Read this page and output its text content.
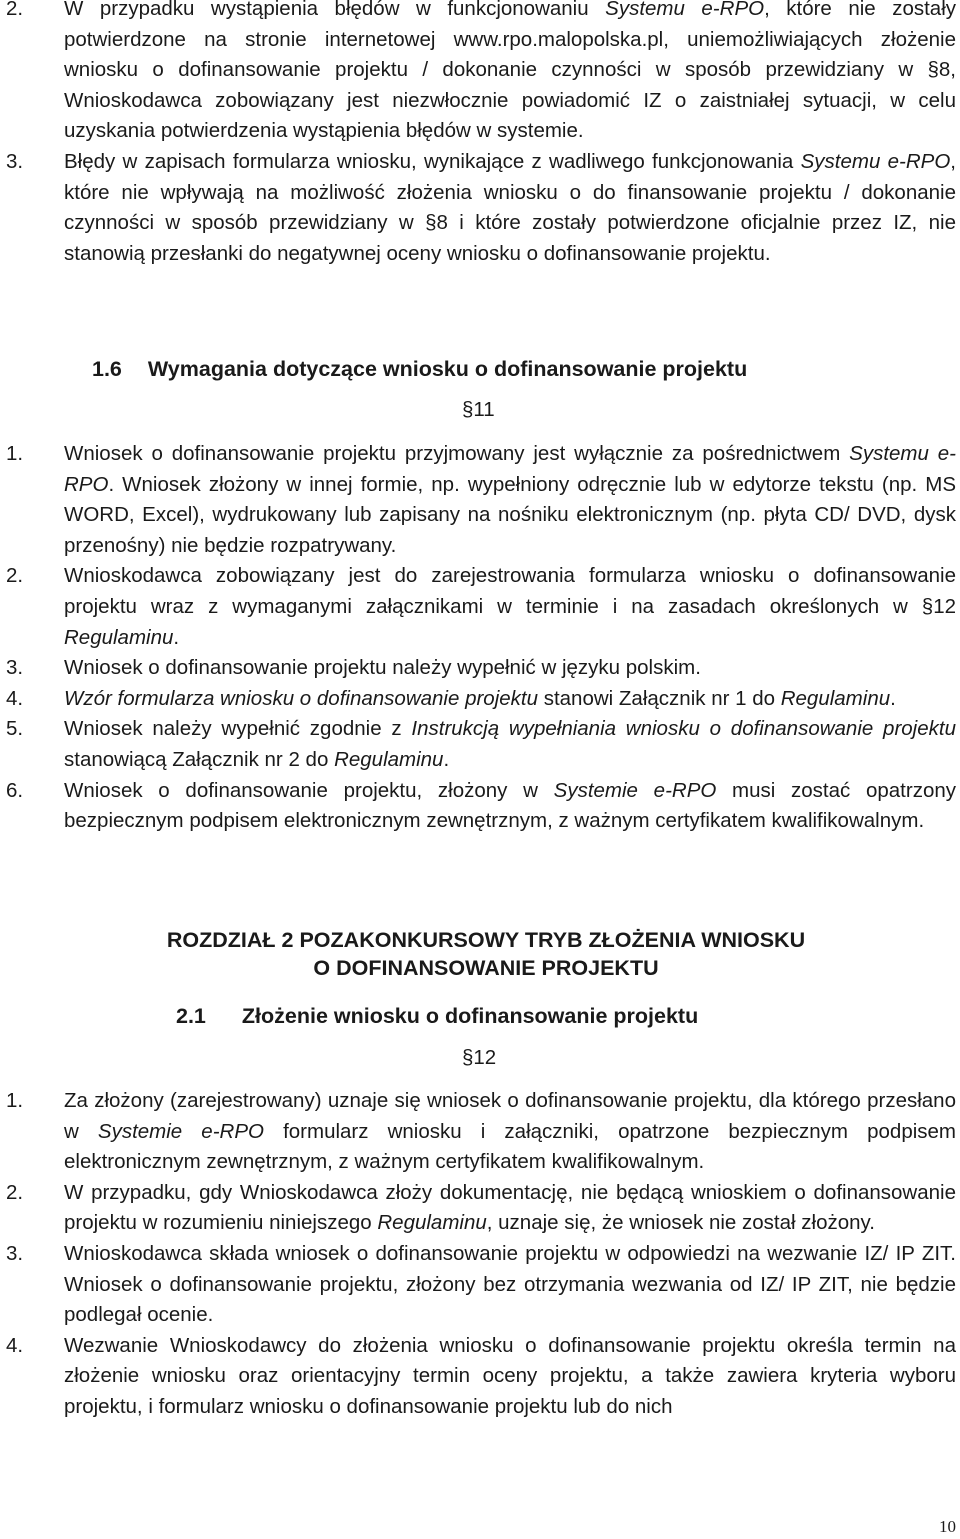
2. W przypadku wystąpienia błędów w funkcjonowaniu Systemu e-RPO, które nie zostały potwierdzone na stronie internetowej www.rpo.malopolska.pl, uniemożliwiających złożenie wniosku o dofinansowanie projektu / dokonanie czynności w sposób przewidziany w §8, Wnioskodawca zobowiązany jest niezwłocznie powiadomić IZ o zaistniałej sytuacji, w celu uzyskania potwierdzenia wystąpienia błędów w systemie.
3. Błędy w zapisach formularza wniosku, wynikające z wadliwego funkcjonowania Systemu e-RPO, które nie wpływają na możliwość złożenia wniosku o do finansowanie projektu / dokonanie czynności w sposób przewidziany w §8 i które zostały potwierdzone oficjalnie przez IZ, nie stanowią przesłanki do negatywnej oceny wniosku o dofinansowanie projektu.
1.6 Wymagania dotyczące wniosku o dofinansowanie projektu
§11
1. Wniosek o dofinansowanie projektu przyjmowany jest wyłącznie za pośrednictwem Systemu e-RPO. Wniosek złożony w innej formie, np. wypełniony odręcznie lub w edytorze tekstu (np. MS WORD, Excel), wydrukowany lub zapisany na nośniku elektronicznym (np. płyta CD/ DVD, dysk przenośny) nie będzie rozpatrywany.
2. Wnioskodawca zobowiązany jest do zarejestrowania formularza wniosku o dofinansowanie projektu wraz z wymaganymi załącznikami w terminie i na zasadach określonych w §12 Regulaminu.
3. Wniosek o dofinansowanie projektu należy wypełnić w języku polskim.
4. Wzór formularza wniosku o dofinansowanie projektu stanowi Załącznik nr 1 do Regulaminu.
5. Wniosek należy wypełnić zgodnie z Instrukcją wypełniania wniosku o dofinansowanie projektu stanowiącą Załącznik nr 2 do Regulaminu.
6. Wniosek o dofinansowanie projektu, złożony w Systemie e-RPO musi zostać opatrzony bezpiecznym podpisem elektronicznym zewnętrznym, z ważnym certyfikatem kwalifikowalnym.
ROZDZIAŁ 2 POZAKONKURSOWY TRYB ZŁOŻENIA WNIOSKU
O DOFINANSOWANIE PROJEKTU
2.1 Złożenie wniosku o dofinansowanie projektu
§12
1. Za złożony (zarejestrowany) uznaje się wniosek o dofinansowanie projektu, dla którego przesłano w Systemie e-RPO formularz wniosku i załączniki, opatrzone bezpiecznym podpisem elektronicznym zewnętrznym, z ważnym certyfikatem kwalifikowalnym.
2. W przypadku, gdy Wnioskodawca złoży dokumentację, nie będącą wnioskiem o dofinansowanie projektu w rozumieniu niniejszego Regulaminu, uznaje się, że wniosek nie został złożony.
3. Wnioskodawca składa wniosek o dofinansowanie projektu w odpowiedzi na wezwanie IZ/ IP ZIT. Wniosek o dofinansowanie projektu, złożony bez otrzymania wezwania od IZ/ IP ZIT, nie będzie podlegał ocenie.
4. Wezwanie Wnioskodawcy do złożenia wniosku o dofinansowanie projektu określa termin na złożenie wniosku oraz orientacyjny termin oceny projektu, a także zawiera kryteria wyboru projektu, i formularz wniosku o dofinansowanie projektu lub do nich
10
